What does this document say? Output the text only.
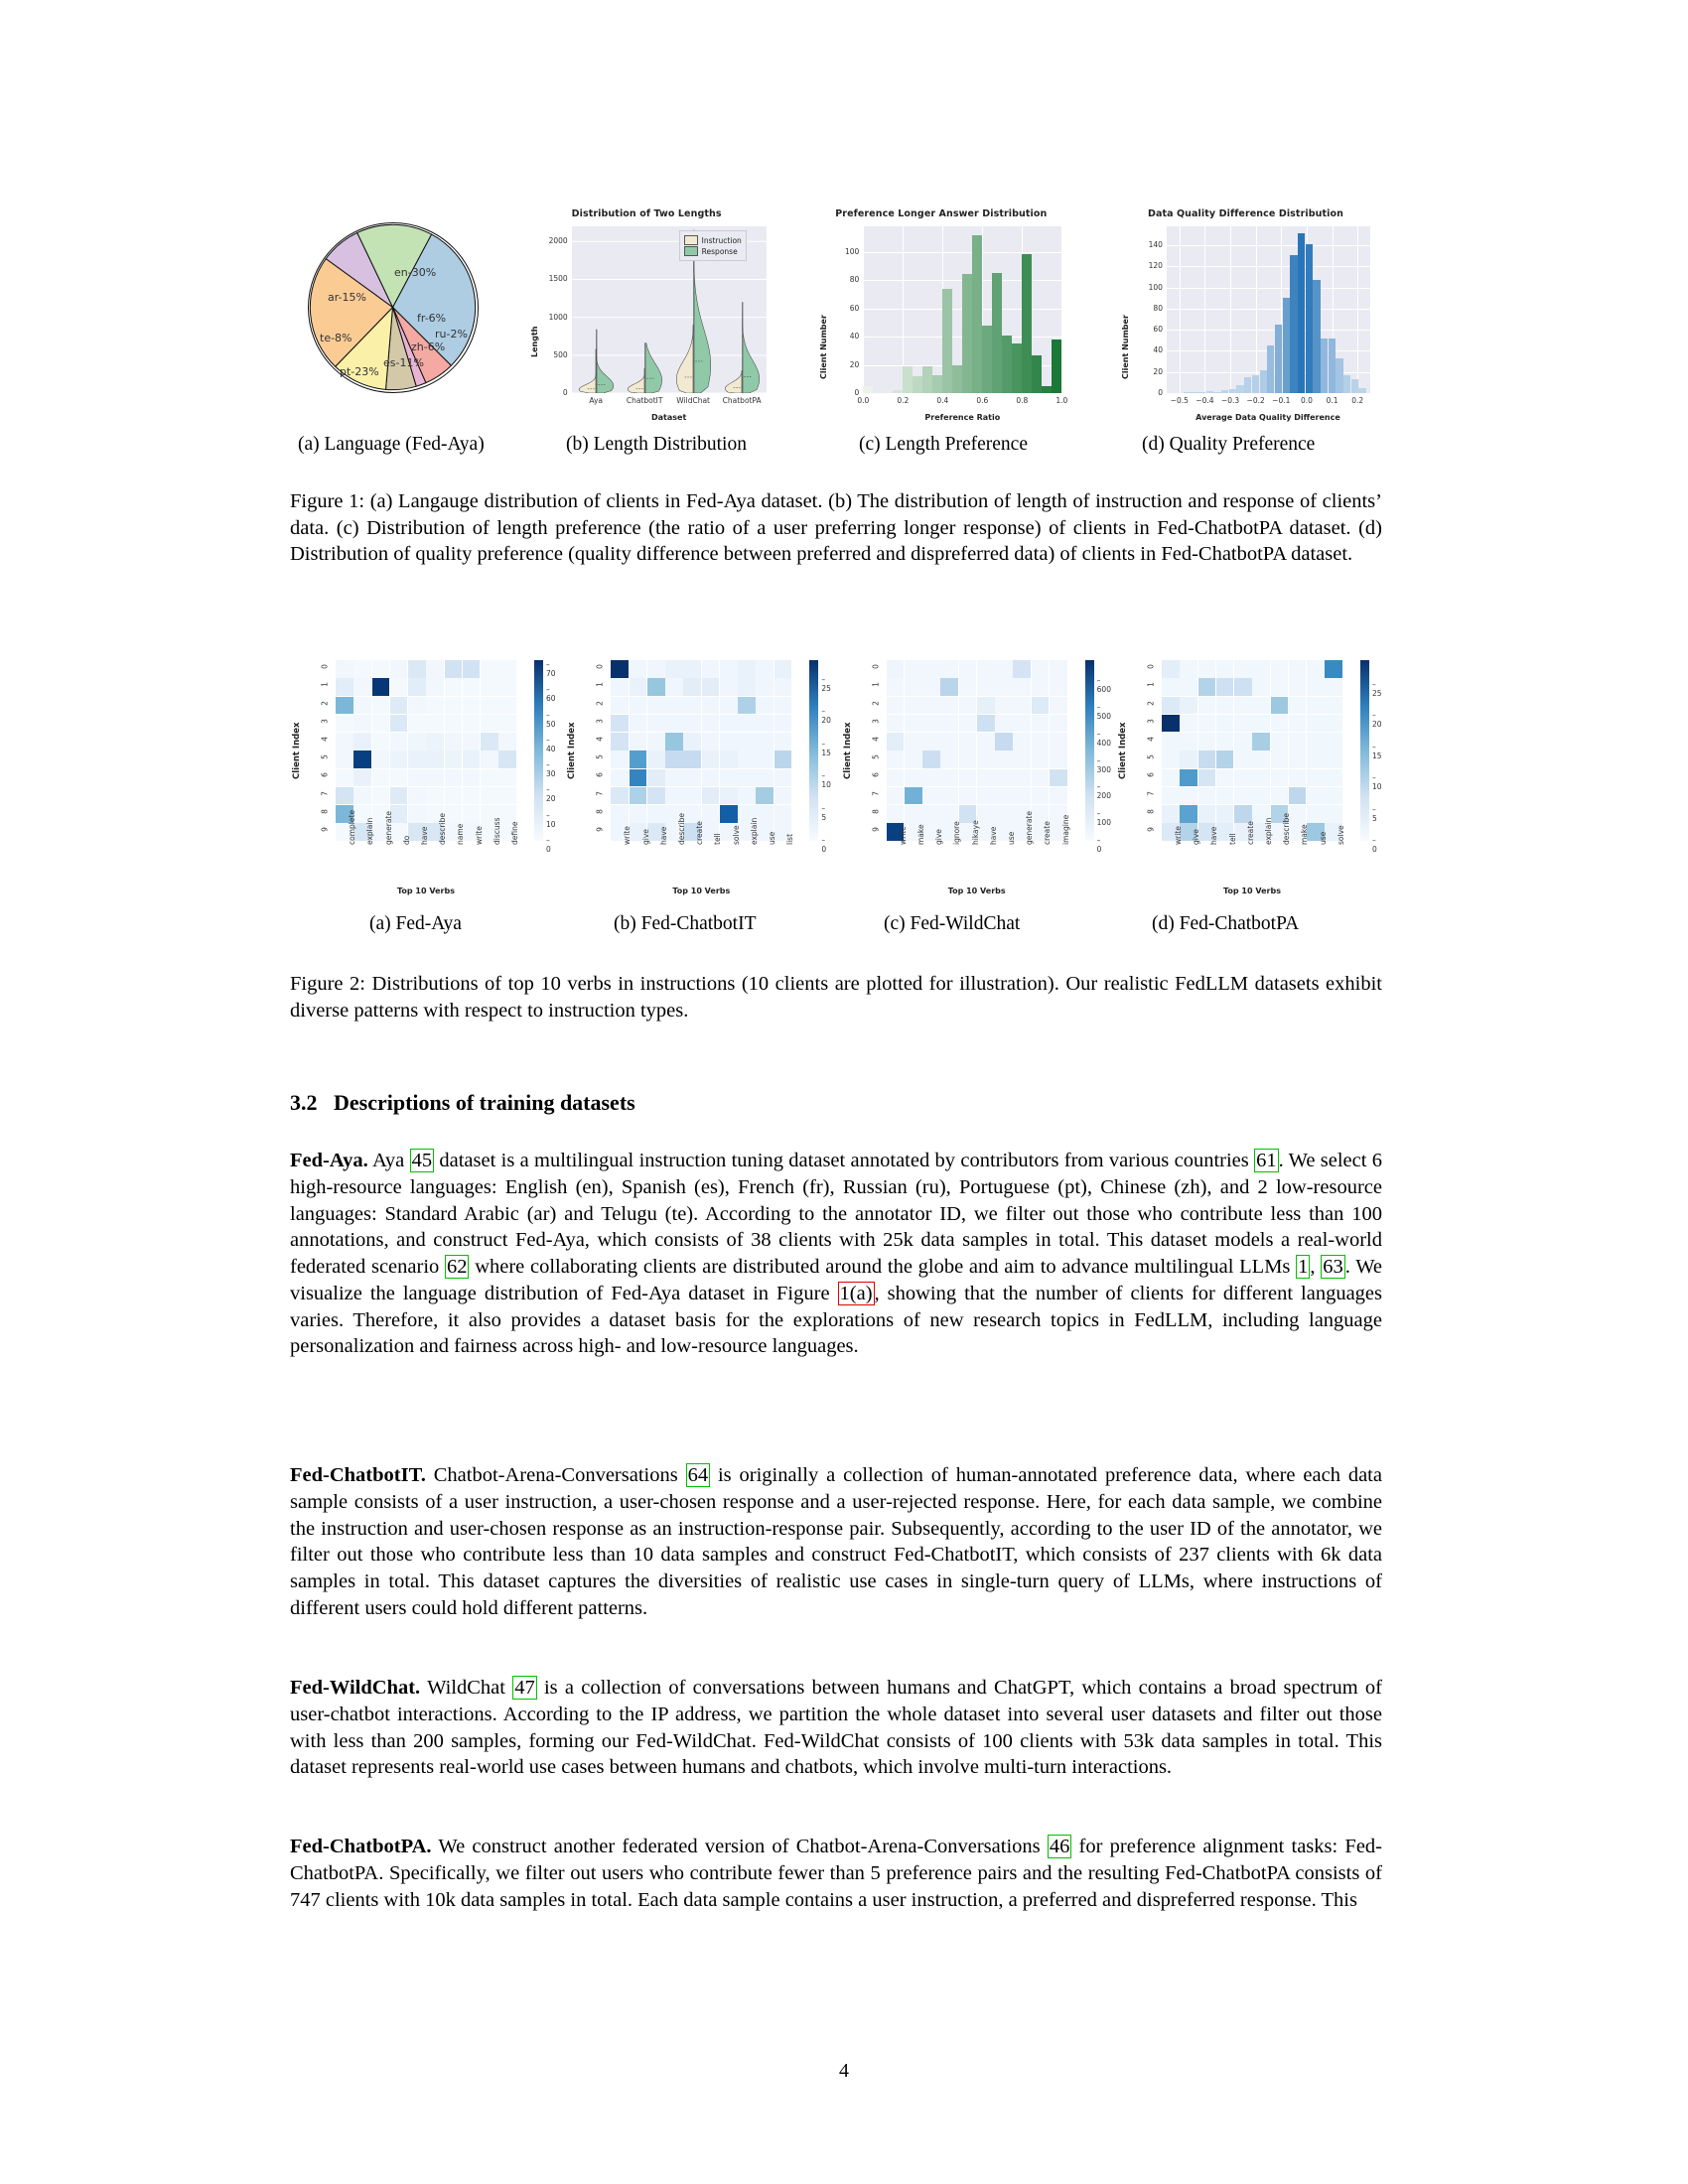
en-30%
fr-6%
ru-2%
zh-6%
es-11%
pt-23%
te-8%
ar-15%
Distribution of Two Lengths
0
500
1000
1500
2000
Aya	ChatbotIT	WildChat	ChatbotPA
Length
Dataset
Instruction
Response
Preference Longer Answer Distribution
0
20
40
60
80
100
0.0	0.2	0.4	0.6	0.8	1.0
Client Number
Preference Ratio
Data Quality Difference Distribution
0
20
40
60
80
100
120
140
−0.5 −0.4 −0.3 −0.2 −0.1	0.0	0.1	0.2
Client Number
Average Data Quality Difference
(a) Language (Fed-Aya)	(b) Length Distribution	(c) Length Preference	(d) Quality Preference
Figure 1: (a) Langauge distribution of clients in Fed-Aya dataset. (b) The distribution of length of instruction and response of clients’ data. (c) Distribution of length preference (the ratio of a user preferring longer response) of clients in Fed-ChatbotPA dataset. (d) Distribution of quality preference (quality difference between preferred and dispreferred data) of clients in Fed-ChatbotPA dataset.
Client Index
0
1
2
3
4
5
6
7
8
9 complete explain generate do have describe name write discuss define	– 0
– 10
– 20
– 30
– 40
– 50
– 60
– 70
Top 10 Verbs
Client Index
0
1
2
3
4
5
6
7
8
9 write give have describe create tell solve explain use list	– 0
– 5
– 10
– 15
– 20
– 25
Top 10 Verbs
Client Index
0
1
2
3
4
5
6
7
8
9 write make give ignore hikaye have use generate create imagine	– 0
– 100
– 200
– 300
– 400
– 500
– 600
Top 10 Verbs
Client Index
0
1
2
3
4
5
6
7
8
9 write give have tell create explain describe make use solve	– 0
– 5
– 10
– 15
– 20
– 25
Top 10 Verbs
(a) Fed-Aya	(b) Fed-ChatbotIT	(c) Fed-WildChat	(d) Fed-ChatbotPA
Figure 2: Distributions of top 10 verbs in instructions (10 clients are plotted for illustration). Our realistic FedLLM datasets exhibit diverse patterns with respect to instruction types.
3.2 Descriptions of training datasets

Fed-Aya. Aya 45 dataset is a multilingual instruction tuning dataset annotated by contributors from various countries 61. We select 6 high-resource languages: English (en), Spanish (es), French (fr), Russian (ru), Portuguese (pt), Chinese (zh), and 2 low-resource languages: Standard Arabic (ar) and Telugu (te). According to the annotator ID, we filter out those who contribute less than 100 annotations, and construct Fed-Aya, which consists of 38 clients with 25k data samples in total. This dataset models a real-world federated scenario 62 where collaborating clients are distributed around the globe and aim to advance multilingual LLMs 1, 63. We visualize the language distribution of Fed-Aya dataset in Figure 1(a), showing that the number of clients for different languages varies. Therefore, it also provides a dataset basis for the explorations of new research topics in FedLLM, including language personalization and fairness across high- and low-resource languages.

Fed-ChatbotIT. Chatbot-Arena-Conversations 64 is originally a collection of human-annotated preference data, where each data sample consists of a user instruction, a user-chosen response and a user-rejected response. Here, for each data sample, we combine the instruction and user-chosen response as an instruction-response pair. Subsequently, according to the user ID of the annotator, we filter out those who contribute less than 10 data samples and construct Fed-ChatbotIT, which consists of 237 clients with 6k data samples in total. This dataset captures the diversities of realistic use cases in single-turn query of LLMs, where instructions of different users could hold different patterns.

Fed-WildChat. WildChat 47 is a collection of conversations between humans and ChatGPT, which contains a broad spectrum of user-chatbot interactions. According to the IP address, we partition the whole dataset into several user datasets and filter out those with less than 200 samples, forming our Fed-WildChat. Fed-WildChat consists of 100 clients with 53k data samples in total. This dataset represents real-world use cases between humans and chatbots, which involve multi-turn interactions.

Fed-ChatbotPA. We construct another federated version of Chatbot-Arena-Conversations 46 for preference alignment tasks: Fed-ChatbotPA. Specifically, we filter out users who contribute fewer than 5 preference pairs and the resulting Fed-ChatbotPA consists of 747 clients with 10k data samples in total. Each data sample contains a user instruction, a preferred and dispreferred response. This

4
